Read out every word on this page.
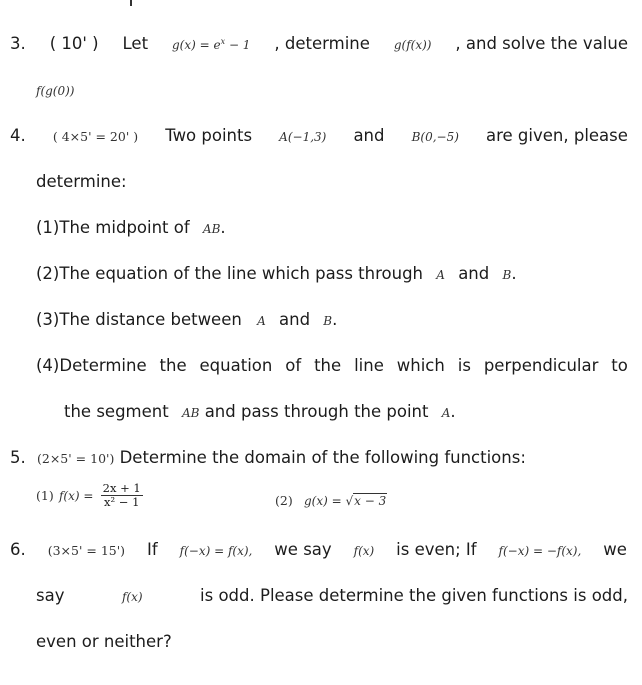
3. ( 10' ) Let $g(x) = e^x - 1$ , determine g(f(x)) , and solve the value
f(g(0))
4. ( 4×5' = 20' ) Two points A(−1,3) and B(0,−5) are given, please
determine:
(1)The midpoint of AB.
(2)The equation of the line which pass through A and B.
(3)The distance between A and B.
(4)Determine the equation of the line which is perpendicular to
the segment AB and pass through the point A.
5. (2×5' = 10') Determine the domain of the following functions:
(1) $f(x) = \frac{2x + 1}{\text{x² − 1}}$	(2) g(x) = √x − 3
6. (3×5' = 15') If f(−x) = f(x), we say f(x) is even; If f(−x) = −f(x), we
say	f(x)	is odd. Please determine the given functions is odd,
even or neither?
